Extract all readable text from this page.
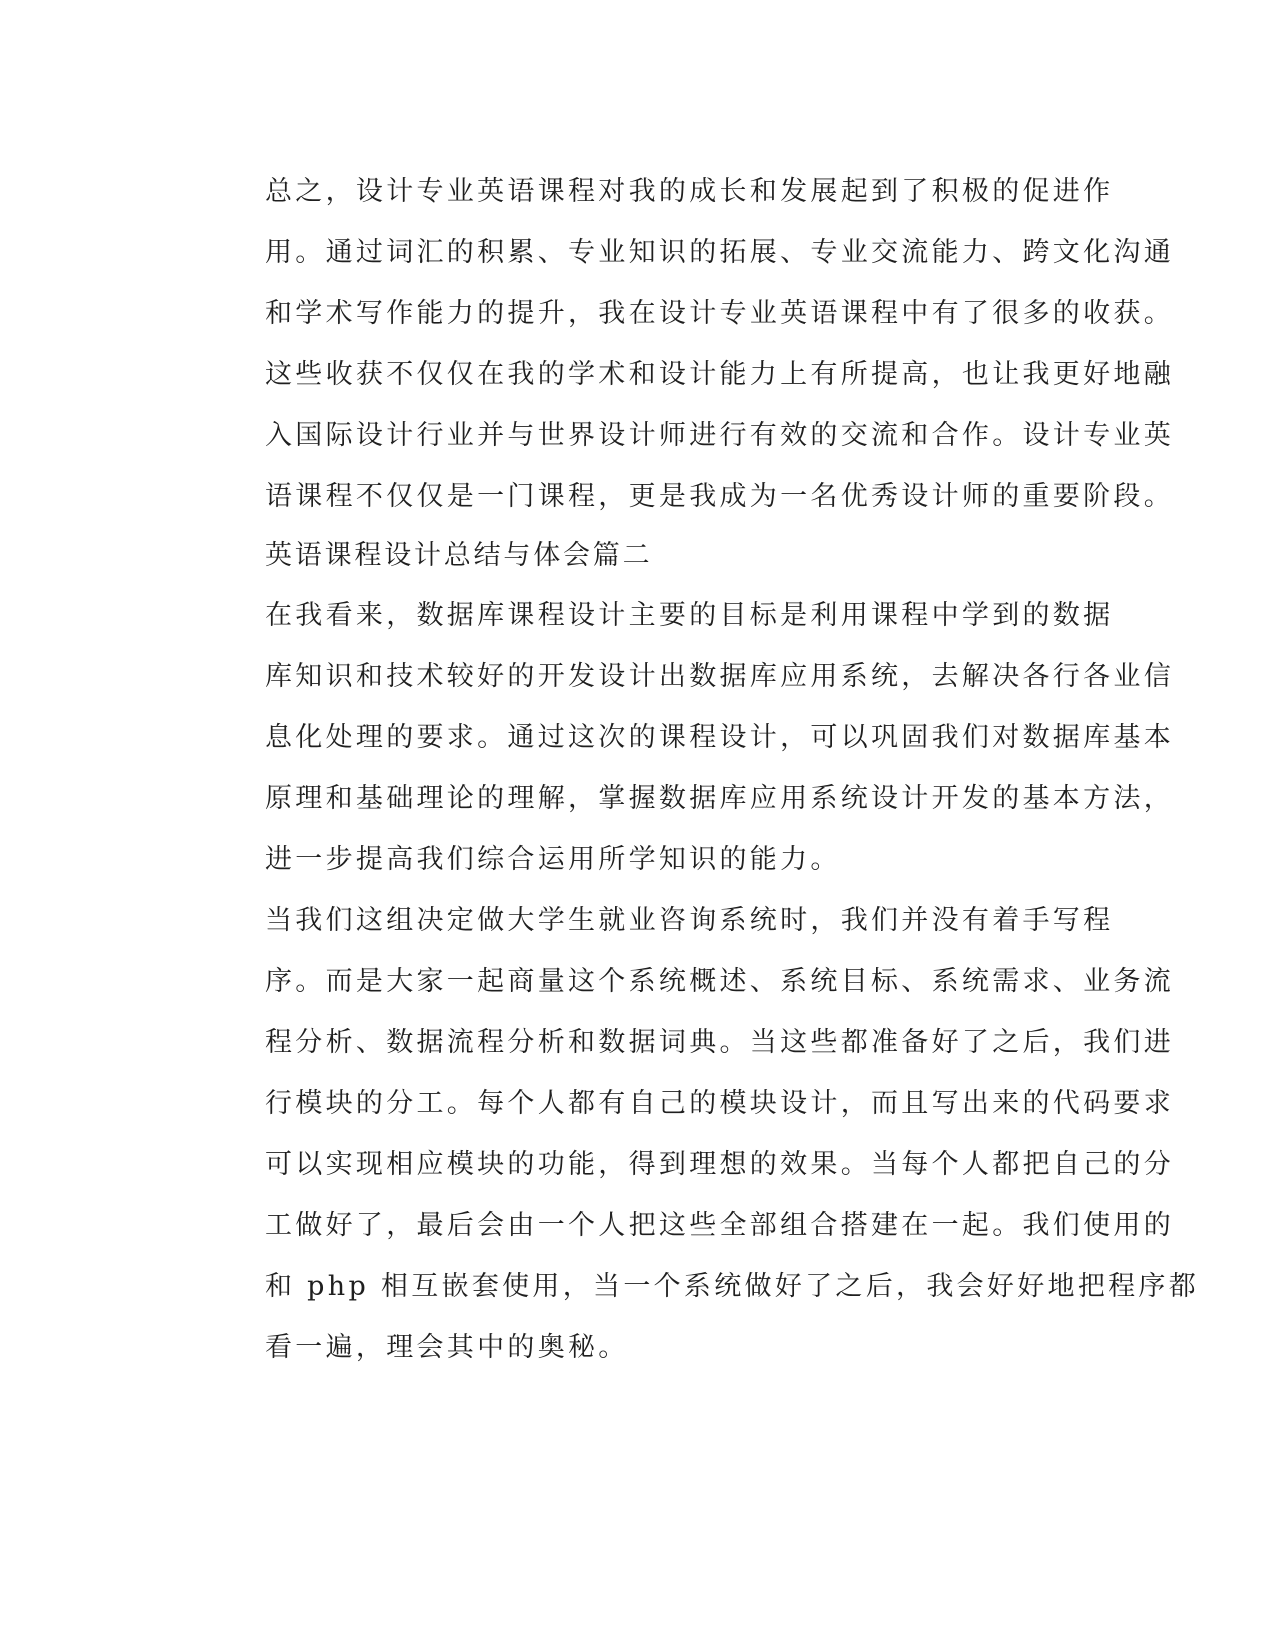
总之，设计专业英语课程对我的成长和发展起到了积极的促进作
用。通过词汇的积累、专业知识的拓展、专业交流能力、跨文化沟通
和学术写作能力的提升，我在设计专业英语课程中有了很多的收获。
这些收获不仅仅在我的学术和设计能力上有所提高，也让我更好地融
入国际设计行业并与世界设计师进行有效的交流和合作。设计专业英
语课程不仅仅是一门课程，更是我成为一名优秀设计师的重要阶段。

英语课程设计总结与体会篇二

在我看来，数据库课程设计主要的目标是利用课程中学到的数据
库知识和技术较好的开发设计出数据库应用系统，去解决各行各业信
息化处理的要求。通过这次的课程设计，可以巩固我们对数据库基本
原理和基础理论的理解，掌握数据库应用系统设计开发的基本方法，
进一步提高我们综合运用所学知识的能力。

当我们这组决定做大学生就业咨询系统时，我们并没有着手写程
序。而是大家一起商量这个系统概述、系统目标、系统需求、业务流
程分析、数据流程分析和数据词典。当这些都准备好了之后，我们进
行模块的分工。每个人都有自己的模块设计，而且写出来的代码要求
可以实现相应模块的功能，得到理想的效果。当每个人都把自己的分
工做好了，最后会由一个人把这些全部组合搭建在一起。我们使用的
和 php 相互嵌套使用，当一个系统做好了之后，我会好好地把程序都
看一遍，理会其中的奥秘。
